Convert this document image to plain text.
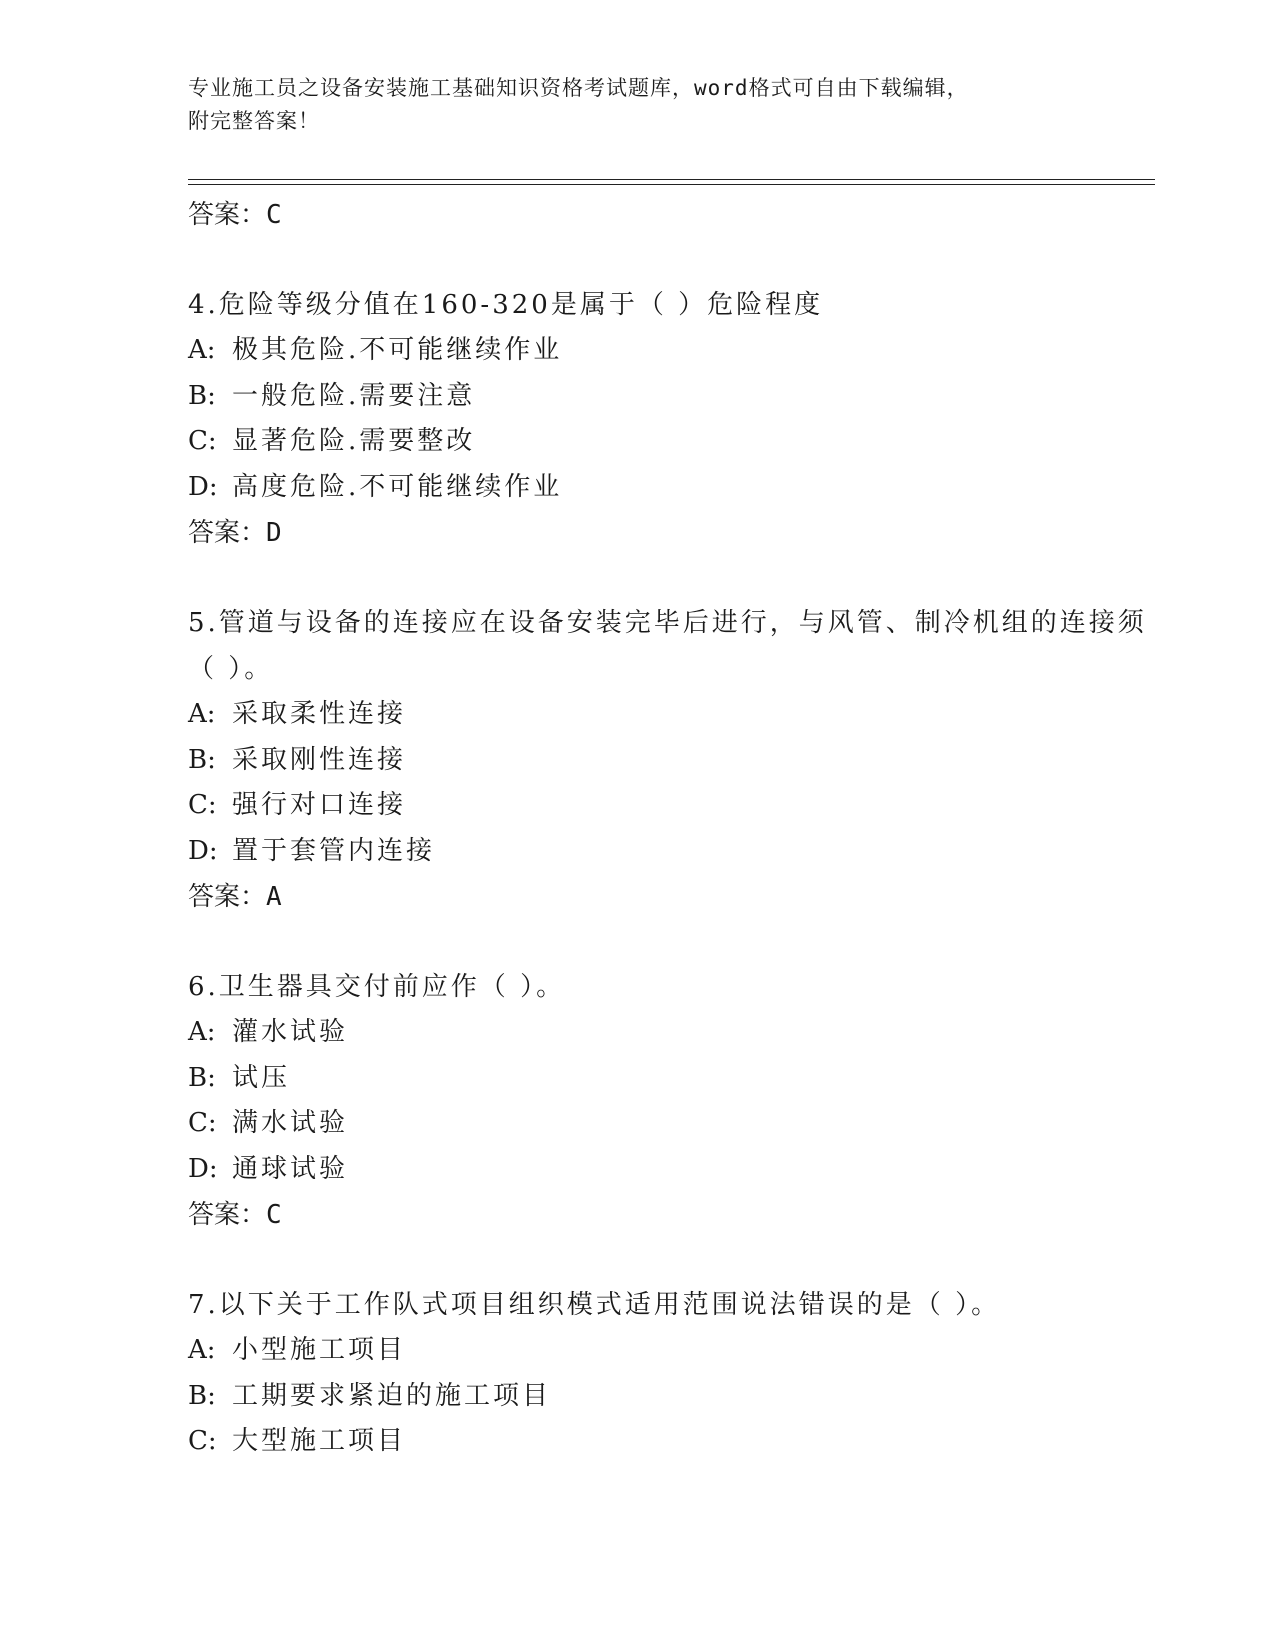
专业施工员之设备安装施工基础知识资格考试题库，word格式可自由下载编辑，
附完整答案！
答案：C
4.危险等级分值在160-320是属于（ ）危险程度
A: 极其危险.不可能继续作业
B: 一般危险.需要注意
C: 显著危险.需要整改
D: 高度危险.不可能继续作业
答案：D
5.管道与设备的连接应在设备安装完毕后进行，与风管、制冷机组的连接须（ ）。
A: 采取柔性连接
B: 采取刚性连接
C: 强行对口连接
D: 置于套管内连接
答案：A
6.卫生器具交付前应作（ ）。
A: 灌水试验
B: 试压
C: 满水试验
D: 通球试验
答案：C
7.以下关于工作队式项目组织模式适用范围说法错误的是（ ）。
A: 小型施工项目
B: 工期要求紧迫的施工项目
C: 大型施工项目
